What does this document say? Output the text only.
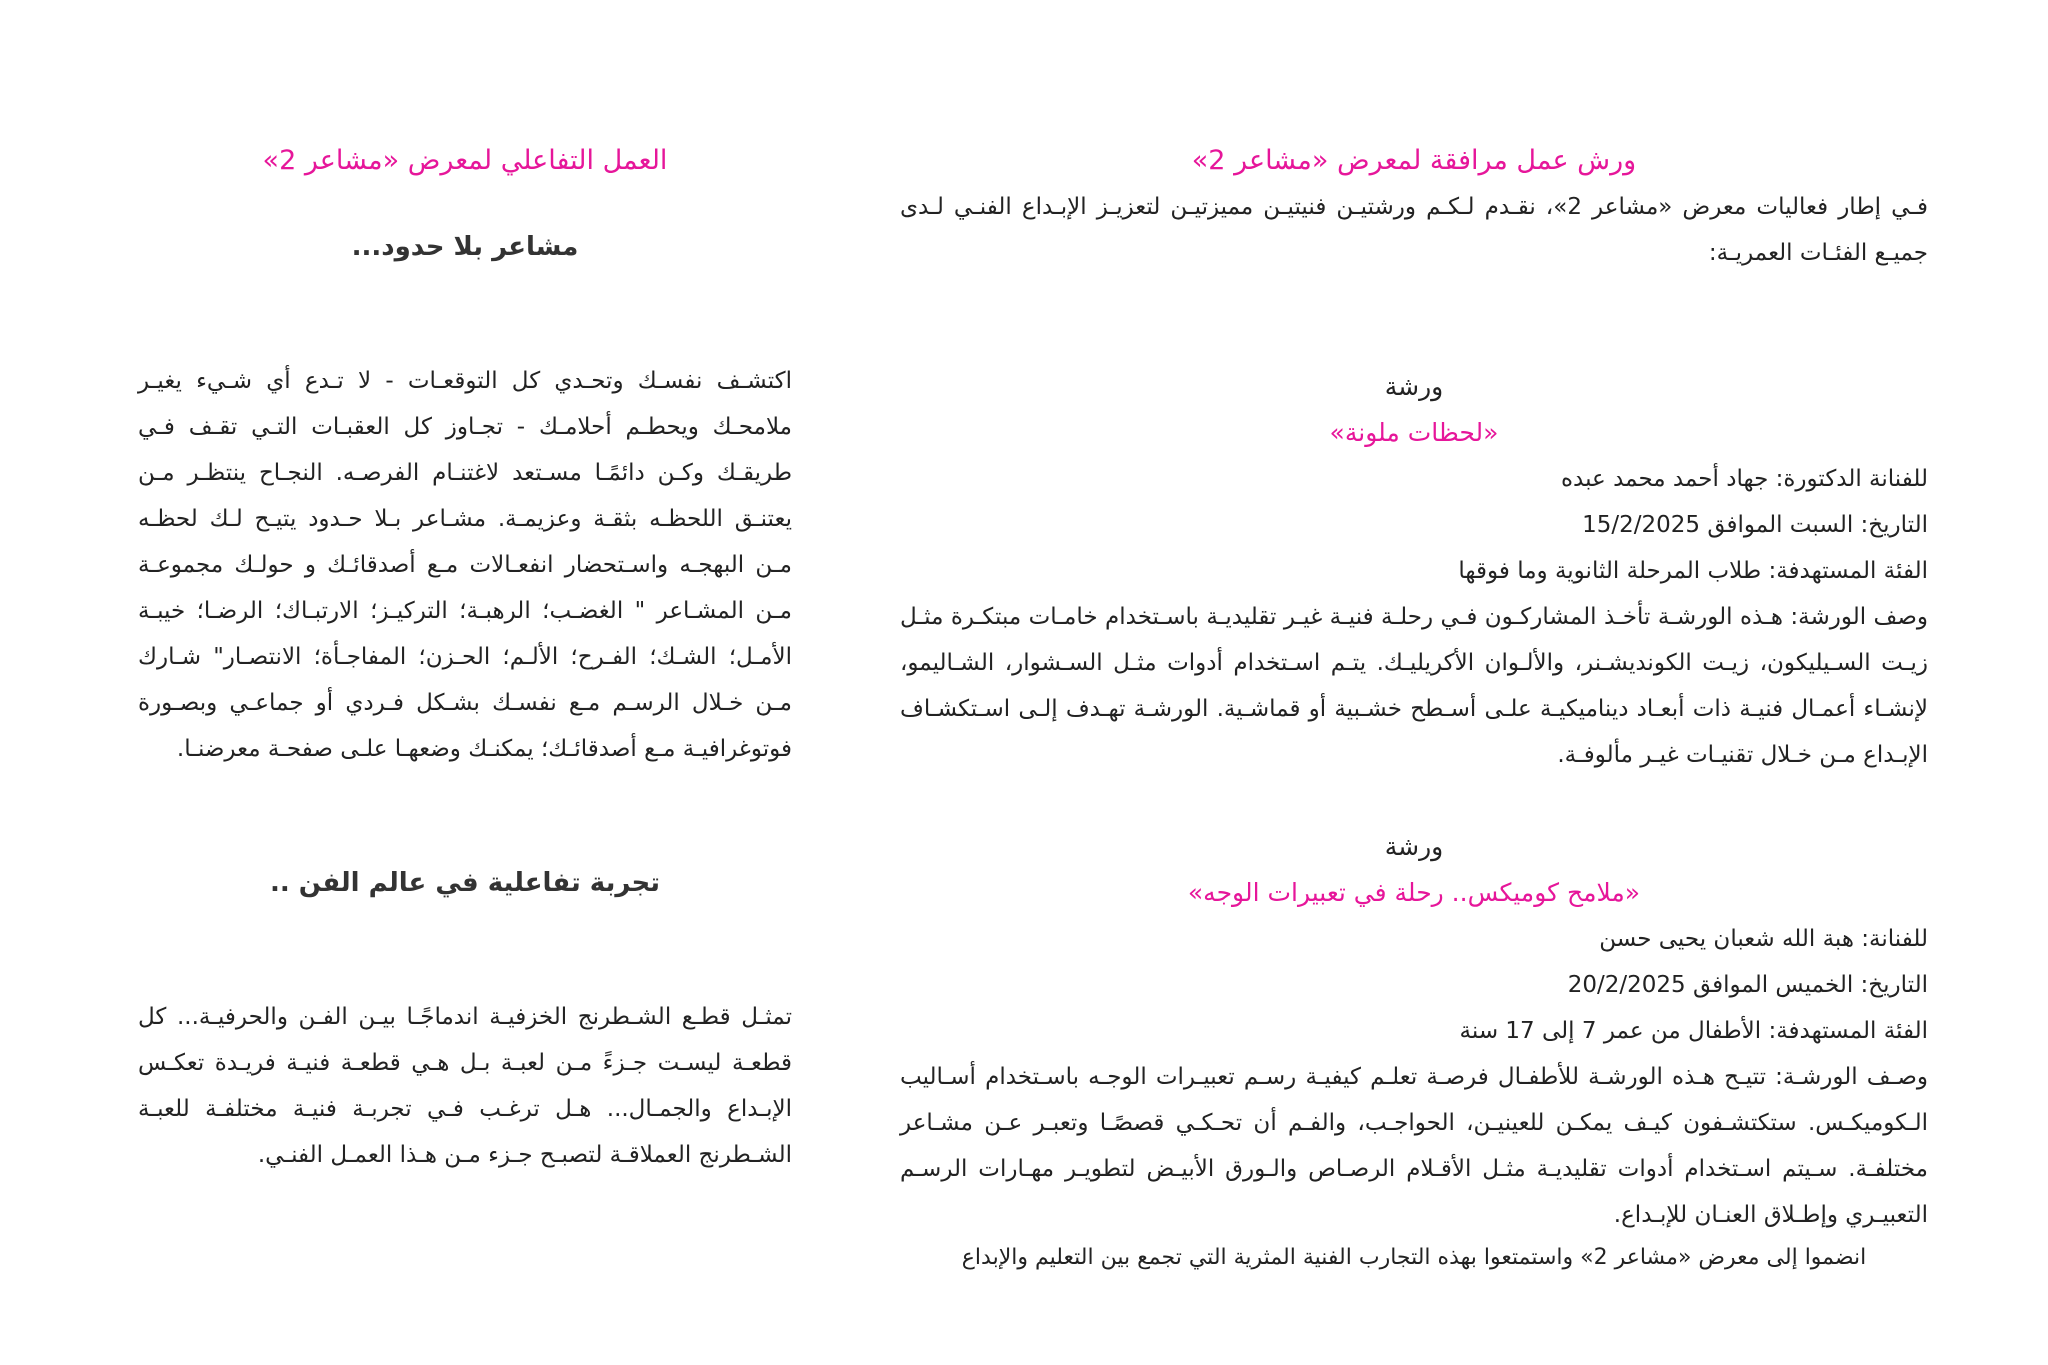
ورش عمل مرافقة لمعرض «مشاعر 2»

فـي إطار فعاليات معرض «مشاعر 2»، نقـدم لـكـم ورشتيـن فنيتيـن مميزتيـن لتعزيـز الإبـداع الفنـي لـدى جميـع الفئـات العمريـة:

ورشة

«لحظات ملونة»

للفنانة الدكتورة: جهاد أحمد محمد عبده

التاريخ: السبت الموافق 15/2/2025

الفئة المستهدفة: طلاب المرحلة الثانوية وما فوقها

وصف الورشة: هـذه الورشـة تأخـذ المشاركـون فـي رحلـة فنيـة غيـر تقليديـة باسـتخدام خامـات مبتكـرة مثـل زيـت السـيليكون، زيـت الكونديشـنر، والألـوان الأكريليـك. يتـم اسـتخدام أدوات مثـل السـشوار، الشـاليمو، لإنشـاء أعمـال فنيـة ذات أبعـاد ديناميكيـة علـى أسـطح خشـبية أو قماشـية. الورشـة تهـدف إلـى اسـتكشـاف الإبـداع مـن خـلال تقنيـات غيـر مألوفـة.

ورشة

«ملامح كوميكس.. رحلة في تعبيرات الوجه»

للفنانة: هبة الله شعبان يحيى حسن

التاريخ: الخميس الموافق 20/2/2025

الفئة المستهدفة: الأطفال من عمر 7 إلى 17 سنة

وصـف الورشـة: تتيـح هـذه الورشـة للأطفـال فرصـة تعلـم كيفيـة رسـم تعبيـرات الوجـه باسـتخدام أسـاليب الـكوميكـس. ستكتشـفون كيـف يمكـن للعينيـن، الحواجـب، والفـم أن تحـكـي قصصًـا وتعبـر عـن مشـاعر مختلفـة. سـيتم اسـتخدام أدوات تقليديـة مثـل الأقـلام الرصـاص والـورق الأبيـض لتطويـر مهـارات الرسـم التعبيـري وإطـلاق العنـان للإبـداع.

انضموا إلى معرض «مشاعر 2» واستمتعوا بهذه التجارب الفنية المثرية التي تجمع بين التعليم والإبداع

العمل التفاعلي لمعرض «مشاعر 2»

مشاعر بلا حدود...

اكتشـف نفسـك وتحـدي كل التوقعـات - لا تـدع أي شـيء يغيـر ملامحـك ويحطـم أحلامـك - تجـاوز كل العقبـات التـي تقـف فـي طريقـك وكـن دائمًـا مسـتعد لاغتنـام الفرصـه. النجـاح ينتظـر مـن يعتنـق اللحظـه بثقـة وعزيمـة. مشـاعر بـلا حـدود يتيـح لـك لحظـه مـن البهجـه واسـتحضار انفعـالات مـع أصدقائـك و حولـك مجموعـة مـن المشـاعر " الغضـب؛ الرهبـة؛ التركيـز؛ الارتبـاك؛ الرضـا؛ خيبـة الأمـل؛ الشـك؛ الفـرح؛ الألـم؛ الحـزن؛ المفاجـأة؛ الانتصـار" شـارك مـن خـلال الرسـم مـع نفسـك بشـكل فـردي أو جماعـي وبصـورة فوتوغرافيـة مـع أصدقائـك؛ يمكنـك وضعهـا علـى صفحـة معرضنـا.

تجربة تفاعلية في عالم الفن ..

تمثـل قطـع الشـطرنج الخزفيـة اندماجًـا بيـن الفـن والحرفيـة... كل قطعـة ليسـت جـزءً مـن لعبـة بـل هـي قطعـة فنيـة فريـدة تعكـس الإبـداع والجمـال... هـل ترغـب فـي تجربـة فنيـة مختلفـة للعبـة الشـطرنج العملاقـة لتصبـح جـزء مـن هـذا العمـل الفنـي.
